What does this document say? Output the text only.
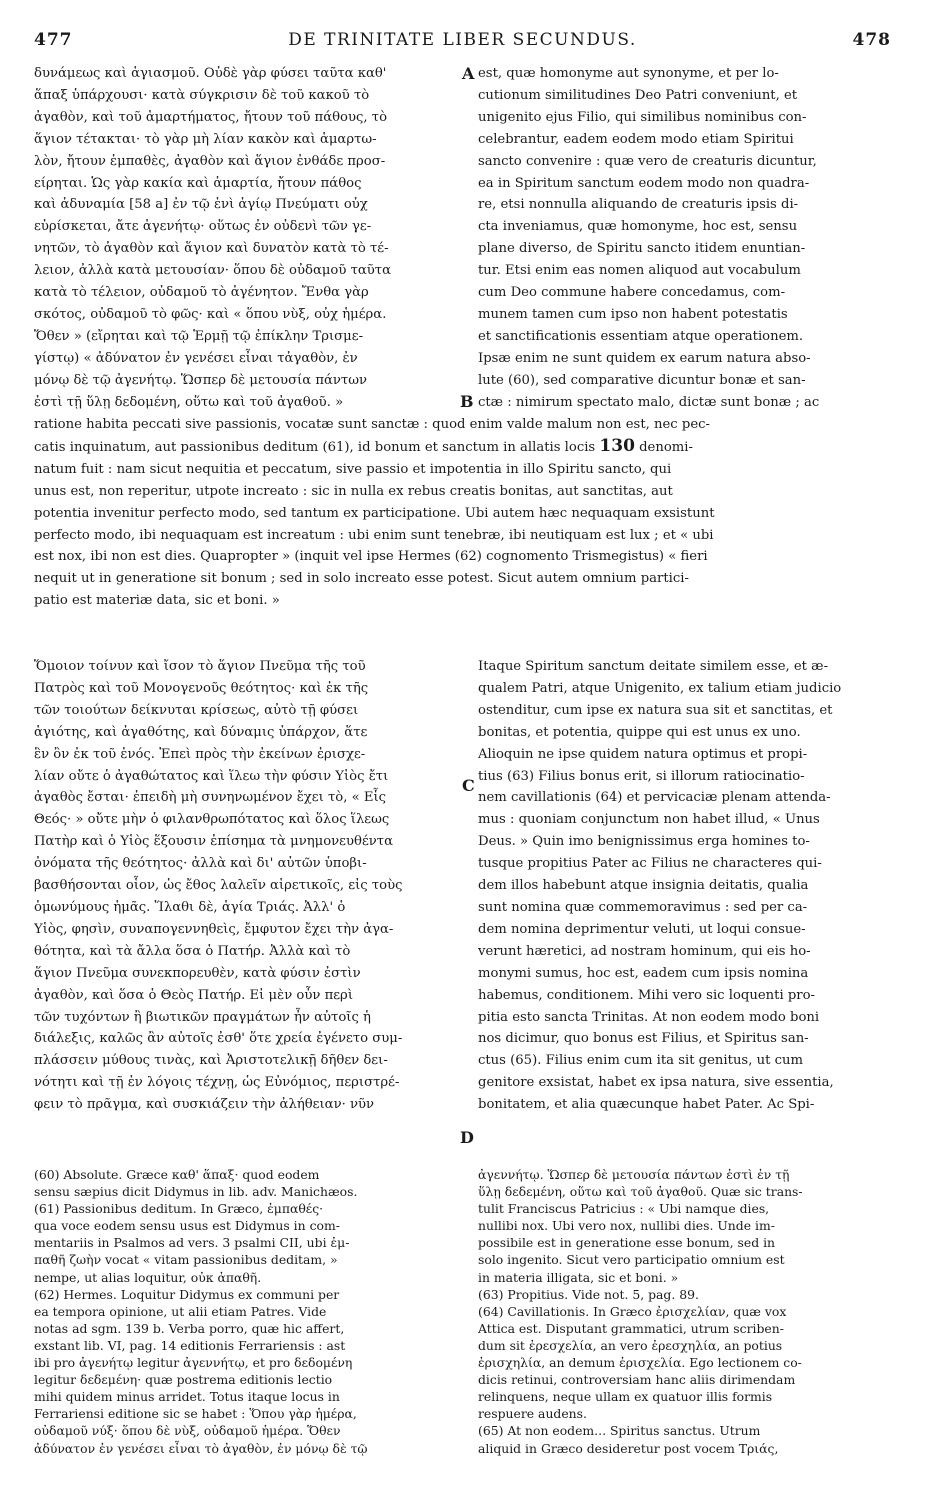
477	DE TRINITATE LIBER SECUNDUS.	478

δυνάμεως καὶ ἁγιασμοῦ. Οὐδὲ γὰρ φύσει ταῦτα καθ'

ἅπαξ ὑπάρχουσι· κατὰ σύγκρισιν δὲ τοῦ κακοῦ τὸ

ἀγαθὸν, καὶ τοῦ ἁμαρτήματος, ἤτουν τοῦ πάθους, τὸ

ἅγιον τέτακται· τὸ γὰρ μὴ λίαν κακὸν καὶ ἁμαρτω-

λὸν, ἤτουν ἐμπαθὲς, ἀγαθὸν καὶ ἅγιον ἐνθάδε προσ-

είρηται. Ὡς γὰρ κακία καὶ ἁμαρτία, ἤτουν πάθος

καὶ ἀδυναμία [58 a] ἐν τῷ ἑνὶ ἁγίῳ Πνεύματι οὐχ

εὑρίσκεται, ἄτε ἀγενήτῳ· οὕτως ἐν οὐδενὶ τῶν γε-

νητῶν, τὸ ἀγαθὸν καὶ ἅγιον καὶ δυνατὸν κατὰ τὸ τέ-

λειον, ἀλλὰ κατὰ μετουσίαν· ὅπου δὲ οὐδαμοῦ ταῦτα

κατὰ τὸ τέλειον, οὐδαμοῦ τὸ ἀγένητον. Ἔνθα γὰρ

σκότος, οὐδαμοῦ τὸ φῶς· καὶ « ὅπου νὺξ, οὐχ ἡμέρα.

Ὅθεν » (εἴρηται καὶ τῷ Ἑρμῇ τῷ ἐπίκλην Τρισμε-

γίστῳ) « ἀδύνατον ἐν γενέσει εἶναι τἀγαθὸν, ἐν

μόνῳ δὲ τῷ ἀγενήτῳ. Ὥσπερ δὲ μετουσία πάντων

ἐστὶ τῇ ὕλῃ δεδομένη, οὕτω καὶ τοῦ ἀγαθοῦ. »

est, quæ homonyme aut synonyme, et per lo-

cutionum similitudines Deo Patri conveniunt, et

unigenito ejus Filio, qui similibus nominibus con-

celebrantur, eadem eodem modo etiam Spiritui

sancto convenire : quæ vero de creaturis dicuntur,

ea in Spiritum sanctum eodem modo non quadra-

re, etsi nonnulla aliquando de creaturis ipsis di-

cta inveniamus, quæ homonyme, hoc est, sensu

plane diverso, de Spiritu sancto itidem enuntian-

tur. Etsi enim eas nomen aliquod aut vocabulum

cum Deo commune habere concedamus, com-

munem tamen cum ipso non habent potestatis

et sanctificationis essentiam atque operationem.

Ipsæ enim ne sunt quidem ex earum natura abso-

lute (60), sed comparative dicuntur bonæ et san-

ctæ : nimirum spectato malo, dictæ sunt bonæ ; ac

A
B

ratione habita peccati sive passionis, vocatæ sunt sanctæ : quod enim valde malum non est, nec pec-

catis inquinatum, aut passionibus deditum (61), id bonum et sanctum in allatis locis 130 denomi-

natum fuit : nam sicut nequitia et peccatum, sive passio et impotentia in illo Spiritu sancto, qui

unus est, non reperitur, utpote increato : sic in nulla ex rebus creatis bonitas, aut sanctitas, aut

potentia invenitur perfecto modo, sed tantum ex participatione. Ubi autem hæc nequaquam exsistunt

perfecto modo, ibi nequaquam est increatum : ubi enim sunt tenebræ, ibi neutiquam est lux ; et « ubi

est nox, ibi non est dies. Quapropter » (inquit vel ipse Hermes (62) cognomento Trismegistus) « fieri

nequit ut in generatione sit bonum ; sed in solo increato esse potest. Sicut autem omnium partici-

patio est materiæ data, sic et boni. »

Ὅμοιον τοίνυν καὶ ἴσον τὸ ἅγιον Πνεῦμα τῆς τοῦ

Πατρὸς καὶ τοῦ Μονογενοῦς θεότητος· καὶ ἐκ τῆς

τῶν τοιούτων δείκνυται κρίσεως, αὐτὸ τῇ φύσει

ἁγιότης, καὶ ἀγαθότης, καὶ δύναμις ὑπάρχον, ἅτε

ἓν ὂν ἐκ τοῦ ἑνός. Ἐπεὶ πρὸς τὴν ἐκείνων ἐρισχε-

λίαν οὔτε ὁ ἀγαθώτατος καὶ ἵλεω τὴν φύσιν Υἱὸς ἔτι

ἀγαθὸς ἔσται· ἐπειδὴ μὴ συνηνωμένον ἔχει τὸ, « Εἷς

Θεός· » οὔτε μὴν ὁ φιλανθρωπότατος καὶ ὅλος ἵλεως

Πατὴρ καὶ ὁ Υἱὸς ἕξουσιν ἐπίσημα τὰ μνημονευθέντα

ὀνόματα τῆς θεότητος· ἀλλὰ καὶ δι' αὐτῶν ὑποβι-

βασθήσονται οἷον, ὡς ἔθος λαλεῖν αἱρετικοῖς, εἰς τοὺς

ὁμωνύμους ἡμᾶς. Ἵλαθι δὲ, ἁγία Τριάς. Ἀλλ' ὁ

Υἱὸς, φησὶν, συναπογεννηθεὶς, ἔμφυτον ἔχει τὴν ἀγα-

θότητα, καὶ τὰ ἄλλα ὅσα ὁ Πατήρ. Ἀλλὰ καὶ τὸ

ἅγιον Πνεῦμα συνεκπορευθὲν, κατὰ φύσιν ἐστὶν

ἀγαθὸν, καὶ ὅσα ὁ Θεὸς Πατήρ. Εἰ μὲν οὖν περὶ

τῶν τυχόντων ἢ βιωτικῶν πραγμάτων ἦν αὐτοῖς ἡ

διάλεξις, καλῶς ἂν αὐτοῖς ἐσθ' ὅτε χρεία ἐγένετο συμ-

πλάσσειν μύθους τινὰς, καὶ Ἀριστοτελικῇ δῆθεν δει-

νότητι καὶ τῇ ἐν λόγοις τέχνῃ, ὡς Εὐνόμιος, περιστρέ-

φειν τὸ πρᾶγμα, καὶ συσκιάζειν τὴν ἀλήθειαν· νῦν

Itaque Spiritum sanctum deitate similem esse, et æ-

qualem Patri, atque Unigenito, ex talium etiam judicio

ostenditur, cum ipse ex natura sua sit et sanctitas, et

bonitas, et potentia, quippe qui est unus ex uno.

Alioquin ne ipse quidem natura optimus et propi-

tius (63) Filius bonus erit, si illorum ratiocinatio-

nem cavillationis (64) et pervicaciæ plenam attenda-

mus : quoniam conjunctum non habet illud, « Unus

Deus. » Quin imo benignissimus erga homines to-

tusque propitius Pater ac Filius ne characteres qui-

dem illos habebunt atque insignia deitatis, qualia

sunt nomina quæ commemoravimus : sed per ca-

dem nomina deprimentur veluti, ut loqui consue-

verunt hæretici, ad nostram hominum, qui eis ho-

monymi sumus, hoc est, eadem cum ipsis nomina

habemus, conditionem. Mihi vero sic loquenti pro-

pitia esto sancta Trinitas. At non eodem modo boni

nos dicimur, quo bonus est Filius, et Spiritus san-

ctus (65). Filius enim cum ita sit genitus, ut cum

genitore exsistat, habet ex ipsa natura, sive essentia,

bonitatem, et alia quæcunque habet Pater. Ac Spi-

C
D

(60) Absolute. Græce καθ' ἅπαξ· quod eodem

sensu sæpius dicit Didymus in lib. adv. Manichæos.

(61) Passionibus deditum. In Græco, ἐμπαθές·

qua voce eodem sensu usus est Didymus in com-

mentariis in Psalmos ad vers. 3 psalmi CII, ubi ἐμ-

παθῆ ζωὴν vocat « vitam passionibus deditam, »

nempe, ut alias loquitur, οὐκ ἀπαθῆ.

(62) Hermes. Loquitur Didymus ex communi per

ea tempora opinione, ut alii etiam Patres. Vide

notas ad sgm. 139 b. Verba porro, quæ hic affert,

exstant lib. VI, pag. 14 editionis Ferrariensis : ast

ibi pro ἀγενήτῳ legitur ἀγεννήτῳ, et pro δεδομένη

legitur δεδεμένη· quæ postrema editionis lectio

mihi quidem minus arridet. Totus itaque locus in

Ferrariensi editione sic se habet : Ὅπου γὰρ ἡμέρα,

οὐδαμοῦ νύξ· ὅπου δὲ νὺξ, οὐδαμοῦ ἡμέρα. Ὅθεν

ἀδύνατον ἐν γενέσει εἶναι τὸ ἀγαθὸν, ἐν μόνῳ δὲ τῷ

ἀγεννήτῳ. Ὥσπερ δὲ μετουσία πάντων ἐστὶ ἐν τῇ

ὕλῃ δεδεμένη, οὕτω καὶ τοῦ ἀγαθοῦ. Quæ sic trans-

tulit Franciscus Patricius : « Ubi namque dies,

nullibi nox. Ubi vero nox, nullibi dies. Unde im-

possibile est in generatione esse bonum, sed in

solo ingenito. Sicut vero participatio omnium est

in materia illigata, sic et boni. »

(63) Propitius. Vide not. 5, pag. 89.

(64) Cavillationis. In Græco ἐρισχελίαν, quæ vox

Attica est. Disputant grammatici, utrum scriben-

dum sit ἐρεσχελία, an vero ἐρεσχηλία, an potius

ἐρισχηλία, an demum ἐρισχελία. Ego lectionem co-

dicis retinui, controversiam hanc aliis dirimendam

relinquens, neque ullam ex quatuor illis formis

respuere audens.

(65) At non eodem... Spiritus sanctus. Utrum

aliquid in Græco desideretur post vocem Τριάς,
